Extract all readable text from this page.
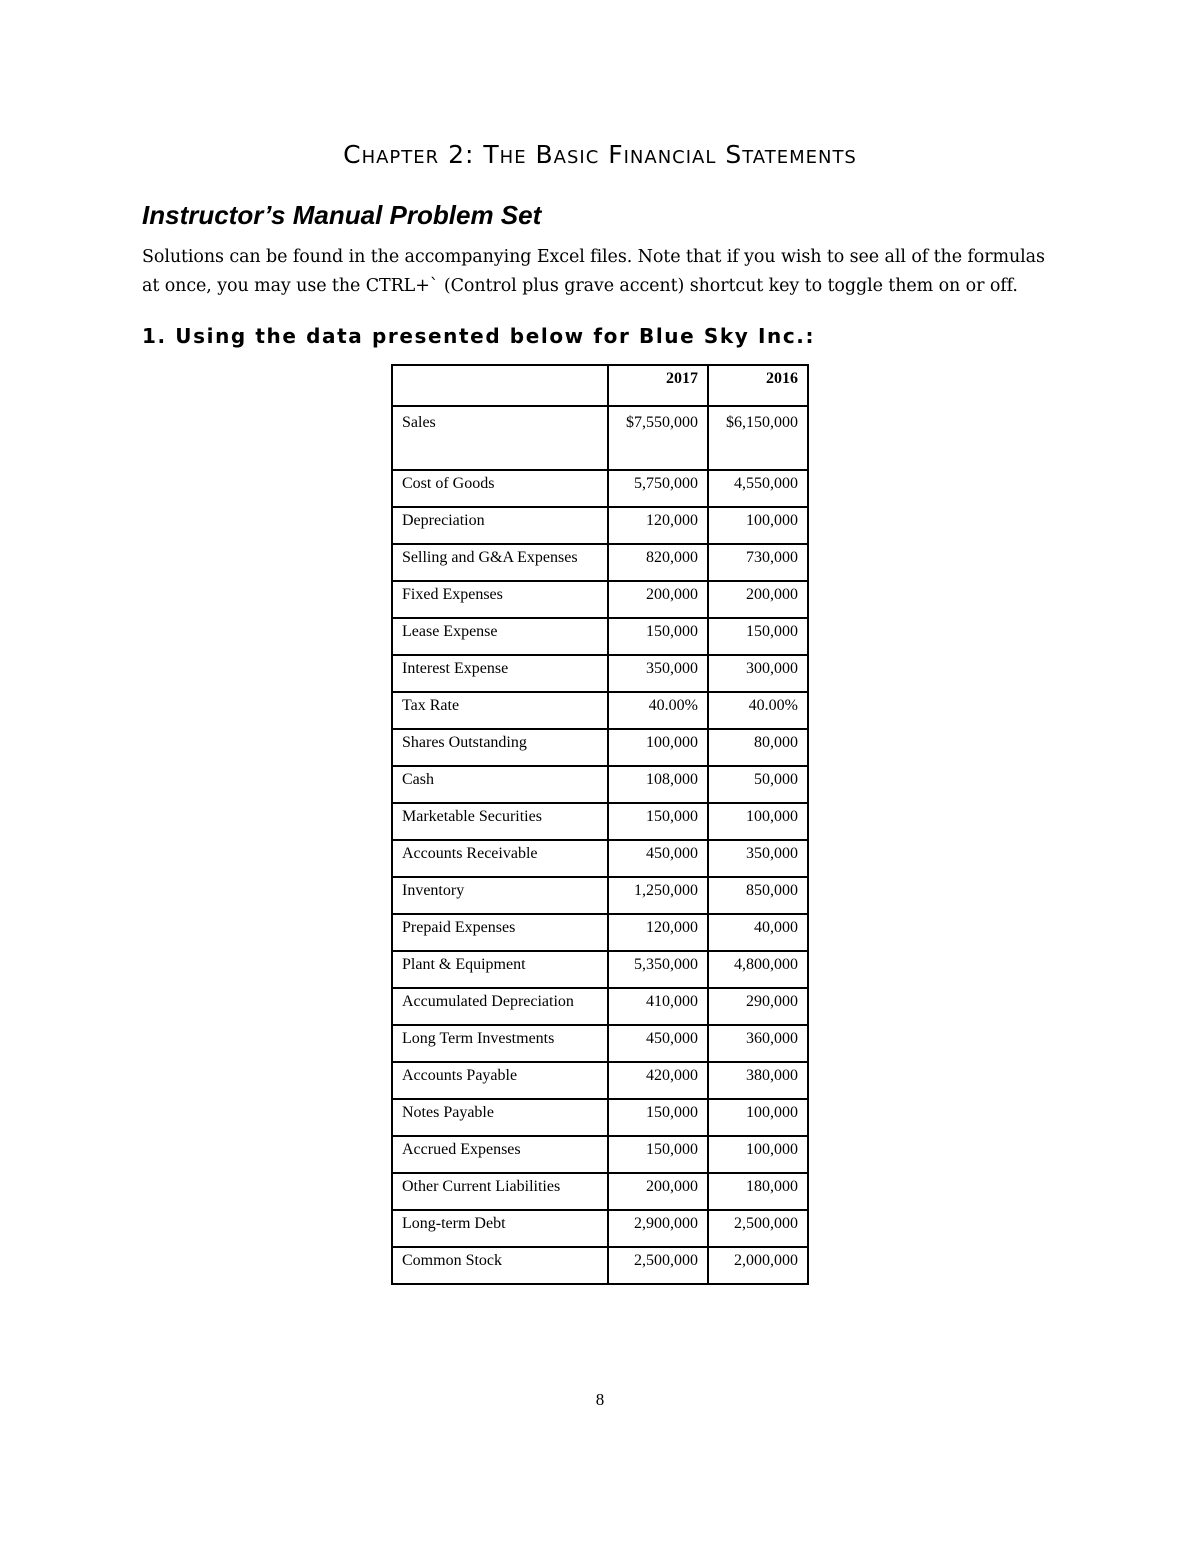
Chapter 2: The Basic Financial Statements
Instructor’s Manual Problem Set

Solutions can be found in the accompanying Excel files. Note that if you wish to see all of the formulas at once, you may use the CTRL+` (Control plus grave accent) shortcut key to toggle them on or off.

1. Using the data presented below for Blue Sky Inc.:
	2017	2016
Sales	$7,550,000	$6,150,000
Cost of Goods	5,750,000	4,550,000
Depreciation	120,000	100,000
Selling and G&A Expenses	820,000	730,000
Fixed Expenses	200,000	200,000
Lease Expense	150,000	150,000
Interest Expense	350,000	300,000
Tax Rate	40.00%	40.00%
Shares Outstanding	100,000	80,000
Cash	108,000	50,000
Marketable Securities	150,000	100,000
Accounts Receivable	450,000	350,000
Inventory	1,250,000	850,000
Prepaid Expenses	120,000	40,000
Plant & Equipment	5,350,000	4,800,000
Accumulated Depreciation	410,000	290,000
Long Term Investments	450,000	360,000
Accounts Payable	420,000	380,000
Notes Payable	150,000	100,000
Accrued Expenses	150,000	100,000
Other Current Liabilities	200,000	180,000
Long-term Debt	2,900,000	2,500,000
Common Stock	2,500,000	2,000,000
8
